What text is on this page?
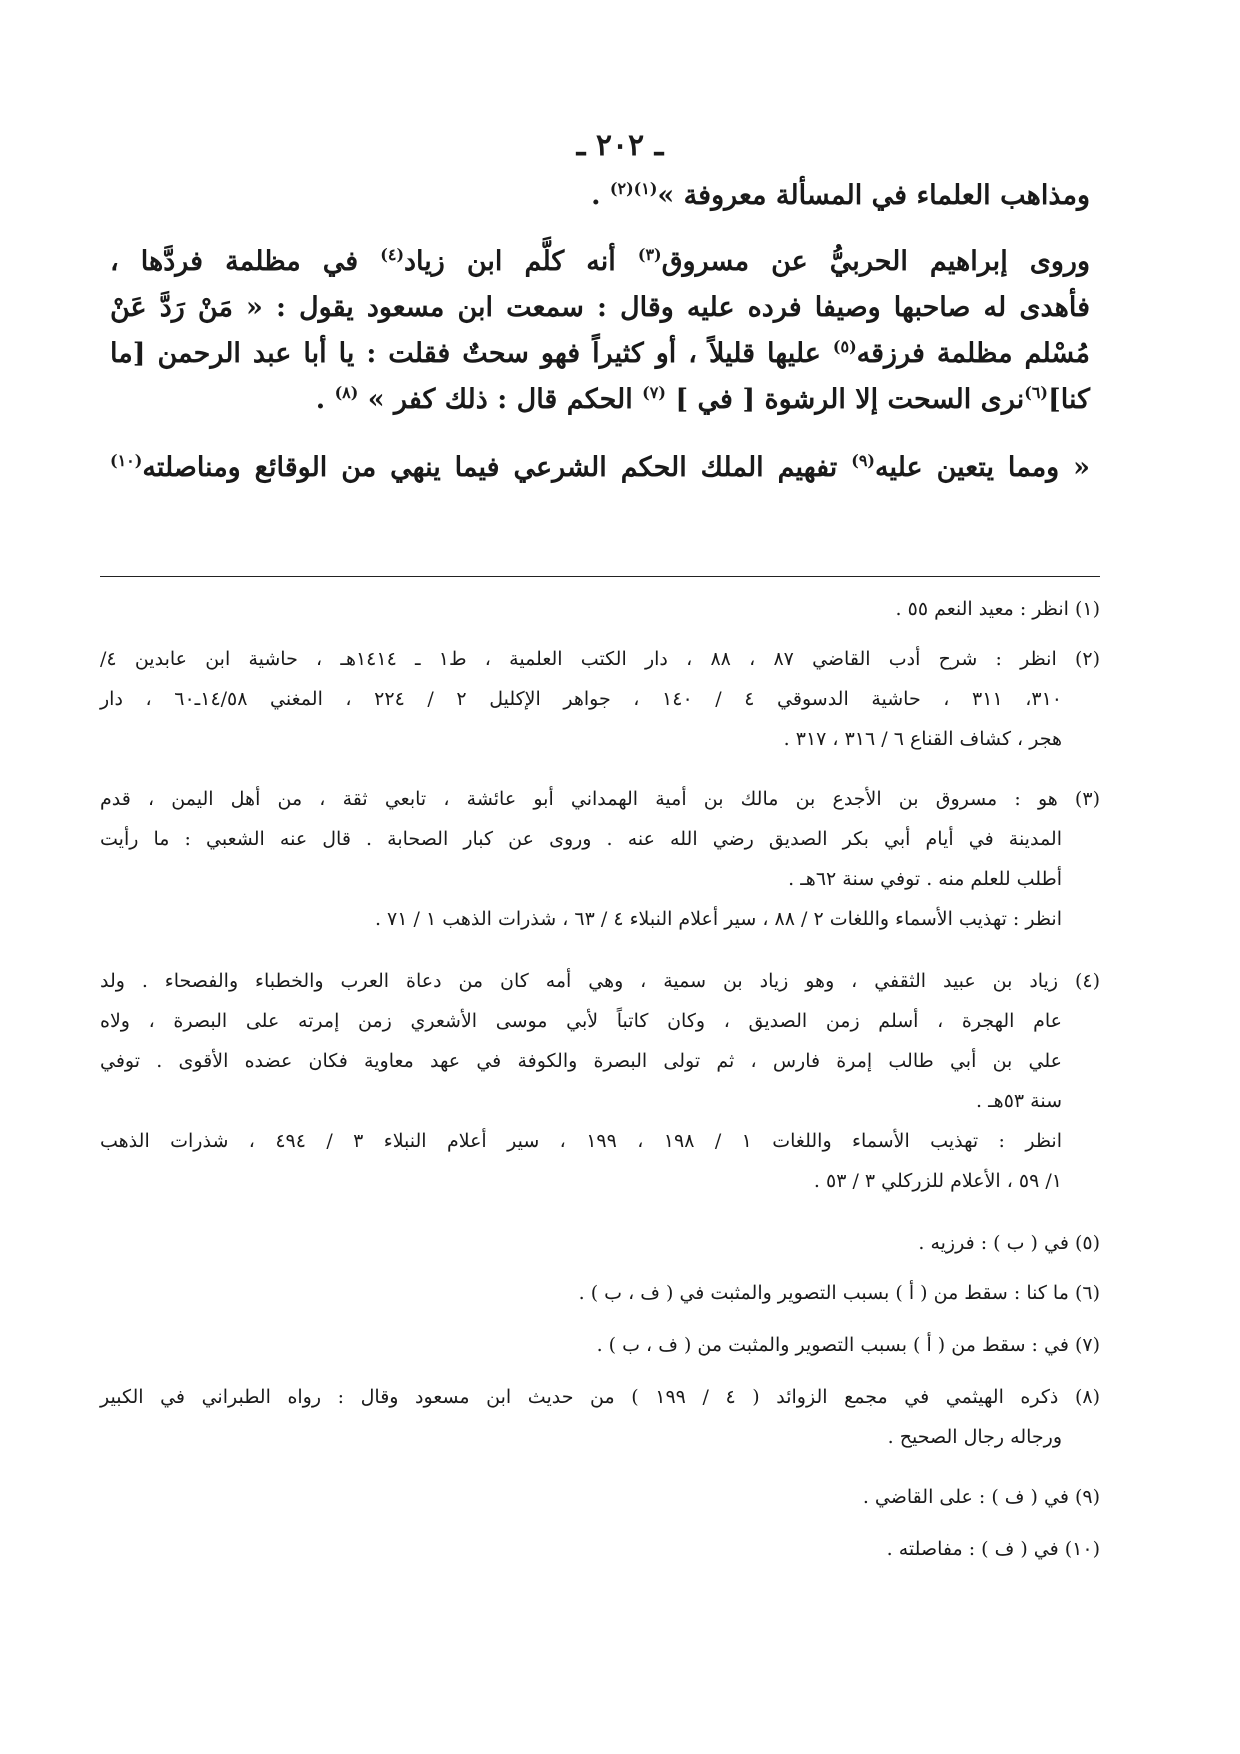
ـ ٢٠٢ ـ
ومذاهب العلماء في المسألة معروفة »$^{(١)(٢)}$ .
وروى إبراهيم الحربيُّ عن مسروق$^{(٣)}$ أنه كلَّم ابن زياد$^{(٤)}$ في مظلمة فردَّها ،
فأهدى له صاحبها وصيفا فرده عليه وقال : سمعت ابن مسعود يقول : « مَنْ رَدَّ عَنْ
مُسْلم مظلمة فرزقه$^{(٥)}$ عليها قليلاً ، أو كثيراً فهو سحتٌ فقلت : يا أبا عبد الرحمن [ما
كنا]$^{(٦)}$نرى السحت إلا الرشوة [ في ] $^{(٧)}$ الحكم قال : ذلك كفر » $^{(٨)}$ .
« ومما يتعين عليه$^{(٩)}$ تفهيم الملك الحكم الشرعي فيما ينهي من الوقائع ومناصلته$^{(١٠)}$
(١) انظر : معيد النعم ٥٥ .
(٢) انظر : شرح أدب القاضي ٨٧ ، ٨٨ ، دار الكتب العلمية ، ط١ ـ ١٤١٤هـ ، حاشية ابن عابدين ٤/
٣١٠، ٣١١ ، حاشية الدسوقي ٤ / ١٤٠ ، جواهر الإكليل ٢ / ٢٢٤ ، المغني ١٤/٥٨ـ٦٠ ، دار
هجر ، كشاف القناع ٦ / ٣١٦ ، ٣١٧ .
(٣) هو : مسروق بن الأجدع بن مالك بن أمية الهمداني أبو عائشة ، تابعي ثقة ، من أهل اليمن ، قدم
المدينة في أيام أبي بكر الصديق رضي الله عنه . وروى عن كبار الصحابة . قال عنه الشعبي : ما رأيت
أطلب للعلم منه . توفي سنة ٦٢هـ .
انظر : تهذيب الأسماء واللغات ٢ / ٨٨ ، سير أعلام النبلاء ٤ / ٦٣ ، شذرات الذهب ١ / ٧١ .
(٤) زياد بن عبيد الثقفي ، وهو زياد بن سمية ، وهي أمه كان من دعاة العرب والخطباء والفصحاء . ولد
عام الهجرة ، أسلم زمن الصديق ، وكان كاتباً لأبي موسى الأشعري زمن إمرته على البصرة ، ولاه
علي بن أبي طالب إمرة فارس ، ثم تولى البصرة والكوفة في عهد معاوية فكان عضده الأقوى . توفي
سنة ٥٣هـ .
انظر : تهذيب الأسماء واللغات ١ / ١٩٨ ، ١٩٩ ، سير أعلام النبلاء ٣ / ٤٩٤ ، شذرات الذهب
١/ ٥٩ ، الأعلام للزركلي ٣ / ٥٣ .
(٥) في ( ب ) : فرزيه .
(٦) ما كنا : سقط من ( أ ) بسبب التصوير والمثبت في ( ف ، ب ) .
(٧) في : سقط من ( أ ) بسبب التصوير والمثبت من ( ف ، ب ) .
(٨) ذكره الهيثمي في مجمع الزوائد ( ٤ / ١٩٩ ) من حديث ابن مسعود وقال : رواه الطبراني في الكبير
ورجاله رجال الصحيح .
(٩) في ( ف ) : على القاضي .
(١٠) في ( ف ) : مفاصلته .
